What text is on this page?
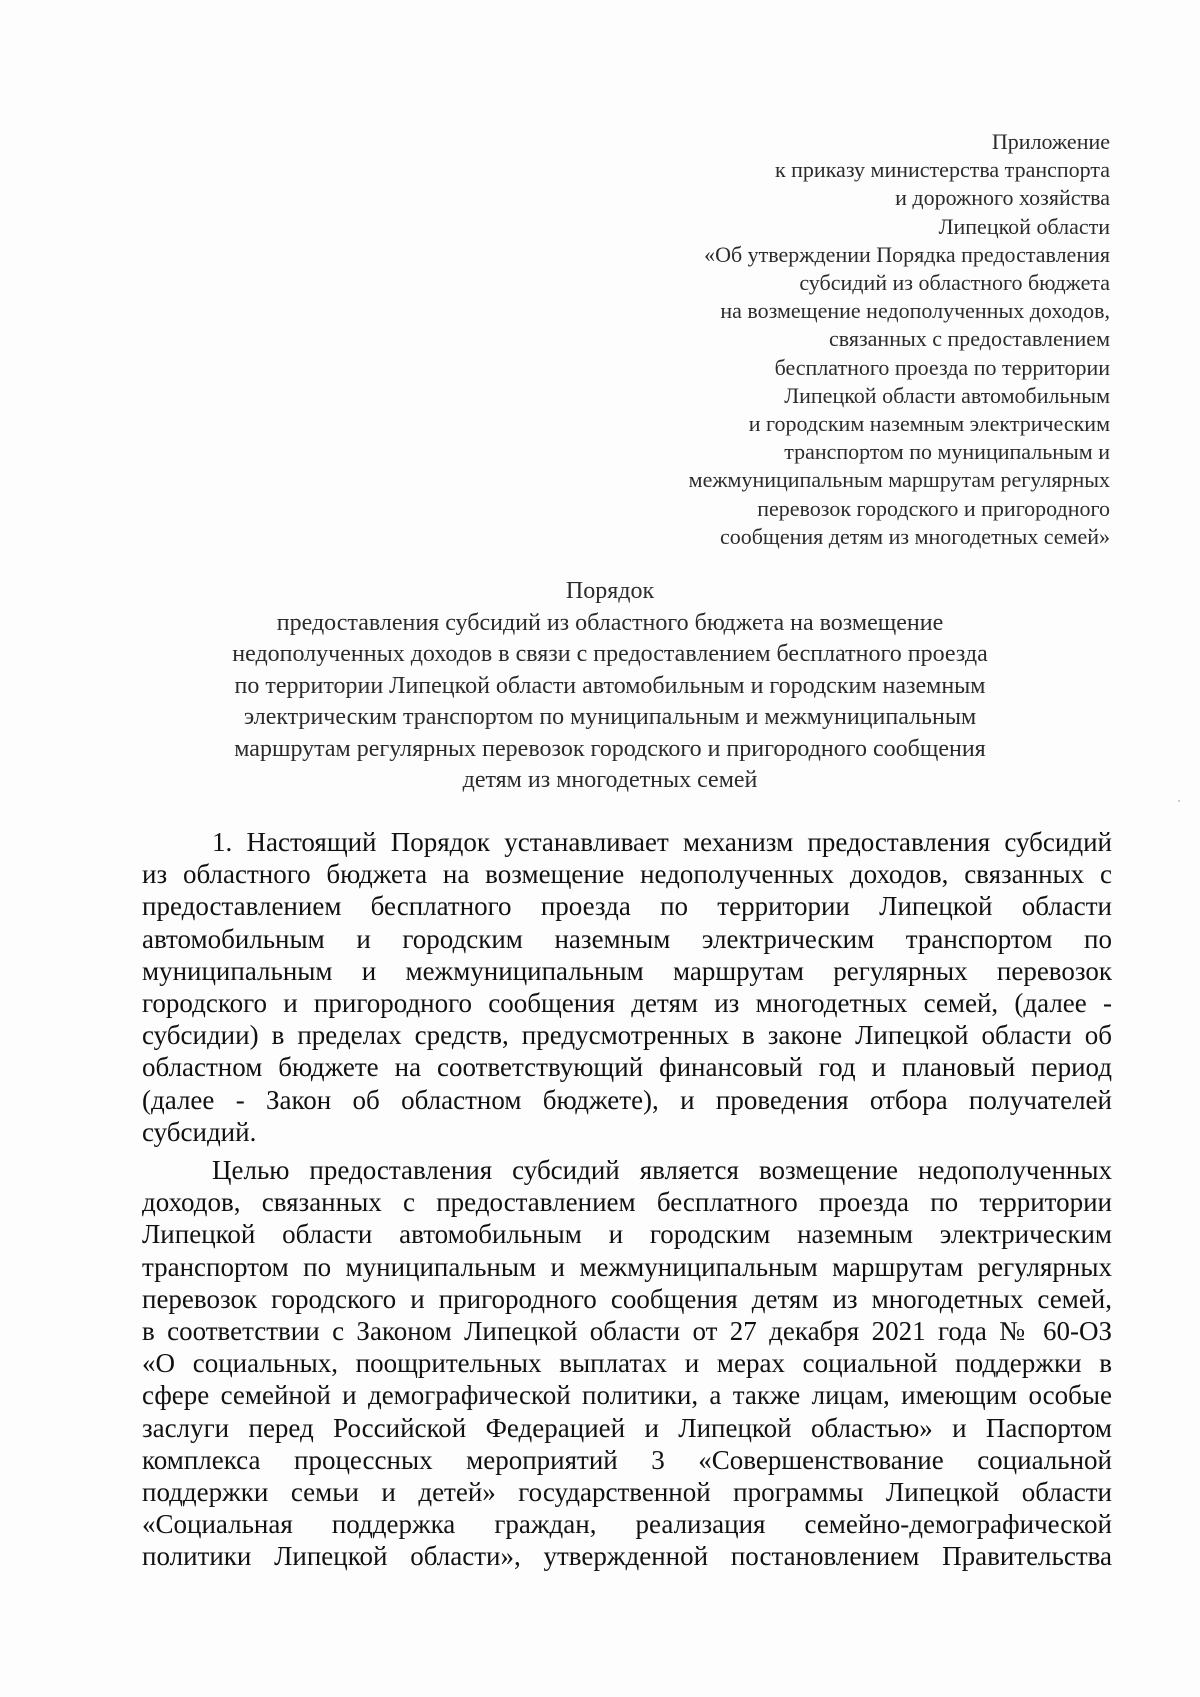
Приложение
к приказу министерства транспорта
и дорожного хозяйства
Липецкой области
«Об утверждении Порядка предоставления
субсидий из областного бюджета
на возмещение недополученных доходов,
связанных с предоставлением
бесплатного проезда по территории
Липецкой области автомобильным
и городским наземным электрическим
транспортом по муниципальным и
межмуниципальным маршрутам регулярных
перевозок городского и пригородного
сообщения детям из многодетных семей»
Порядок
предоставления субсидий из областного бюджета на возмещение
недополученных доходов в связи с предоставлением бесплатного проезда
по территории Липецкой области автомобильным и городским наземным
электрическим транспортом по муниципальным и межмуниципальным
маршрутам регулярных перевозок городского и пригородного сообщения
детям из многодетных семей
1. Настоящий Порядок устанавливает механизм предоставления субсидий
из областного бюджета на возмещение недополученных доходов, связанных с
предоставлением бесплатного проезда по территории Липецкой области
автомобильным и городским наземным электрическим транспортом по
муниципальным и межмуниципальным маршрутам регулярных перевозок
городского и пригородного сообщения детям из многодетных семей, (далее -
субсидии) в пределах средств, предусмотренных в законе Липецкой области об
областном бюджете на соответствующий финансовый год и плановый период
(далее - Закон об областном бюджете), и проведения отбора получателей
субсидий.
Целью предоставления субсидий является возмещение недополученных
доходов, связанных с предоставлением бесплатного проезда по территории
Липецкой области автомобильным и городским наземным электрическим
транспортом по муниципальным и межмуниципальным маршрутам регулярных
перевозок городского и пригородного сообщения детям из многодетных семей,
в соответствии с Законом Липецкой области от 27 декабря 2021 года № 60-ОЗ
«О социальных, поощрительных выплатах и мерах социальной поддержки в
сфере семейной и демографической политики, а также лицам, имеющим особые
заслуги перед Российской Федерацией и Липецкой областью» и Паспортом
комплекса процессных мероприятий 3 «Совершенствование социальной
поддержки семьи и детей» государственной программы Липецкой области
«Социальная поддержка граждан, реализация семейно-демографической
политики Липецкой области», утвержденной постановлением Правительства
